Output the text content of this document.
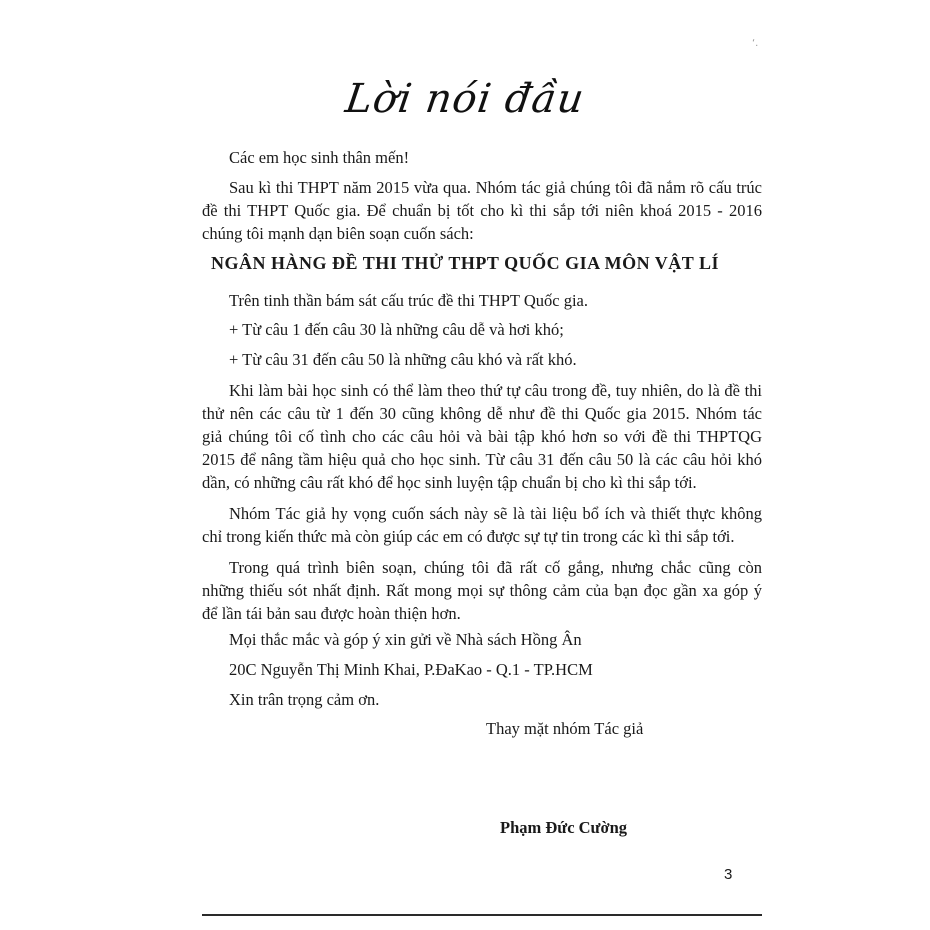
‘.
Lời nói đầu
Các em học sinh thân mến!
Sau kì thi THPT năm 2015 vừa qua. Nhóm tác giả chúng tôi đã nắm rõ cấu trúc
đề thi THPT Quốc gia. Để chuẩn bị tốt cho kì thi sắp tới niên khoá 2015 - 2016
chúng tôi mạnh dạn biên soạn cuốn sách:
NGÂN HÀNG ĐỀ THI THỬ THPT QUỐC GIA MÔN VẬT LÍ
Trên tinh thần bám sát cấu trúc đề thi THPT Quốc gia.
+ Từ câu 1 đến câu 30 là những câu dễ và hơi khó;
+ Từ câu 31 đến câu 50 là những câu khó và rất khó.
Khi làm bài học sinh có thể làm theo thứ tự câu trong đề, tuy nhiên, do là đề thi
thử nên các câu từ 1 đến 30 cũng không dễ như đề thi Quốc gia 2015. Nhóm tác
giả chúng tôi cố tình cho các câu hỏi và bài tập khó hơn so với đề thi THPTQG
2015 để nâng tầm hiệu quả cho học sinh. Từ câu 31 đến câu 50 là các câu hỏi khó
dần, có những câu rất khó để học sinh luyện tập chuẩn bị cho kì thi sắp tới.
Nhóm Tác giả hy vọng cuốn sách này sẽ là tài liệu bổ ích và thiết thực không
chỉ trong kiến thức mà còn giúp các em có được sự tự tin trong các kì thi sắp tới.
Trong quá trình biên soạn, chúng tôi đã rất cố gắng, nhưng chắc cũng còn
những thiếu sót nhất định. Rất mong mọi sự thông cảm của bạn đọc gần xa góp ý
để lần tái bản sau được hoàn thiện hơn.
Mọi thắc mắc và góp ý xin gửi về Nhà sách Hồng Ân
20C Nguyễn Thị Minh Khai, P.ĐaKao - Q.1 - TP.HCM
Xin trân trọng cảm ơn.
Thay mặt nhóm Tác giả
Phạm Đức Cường
3
